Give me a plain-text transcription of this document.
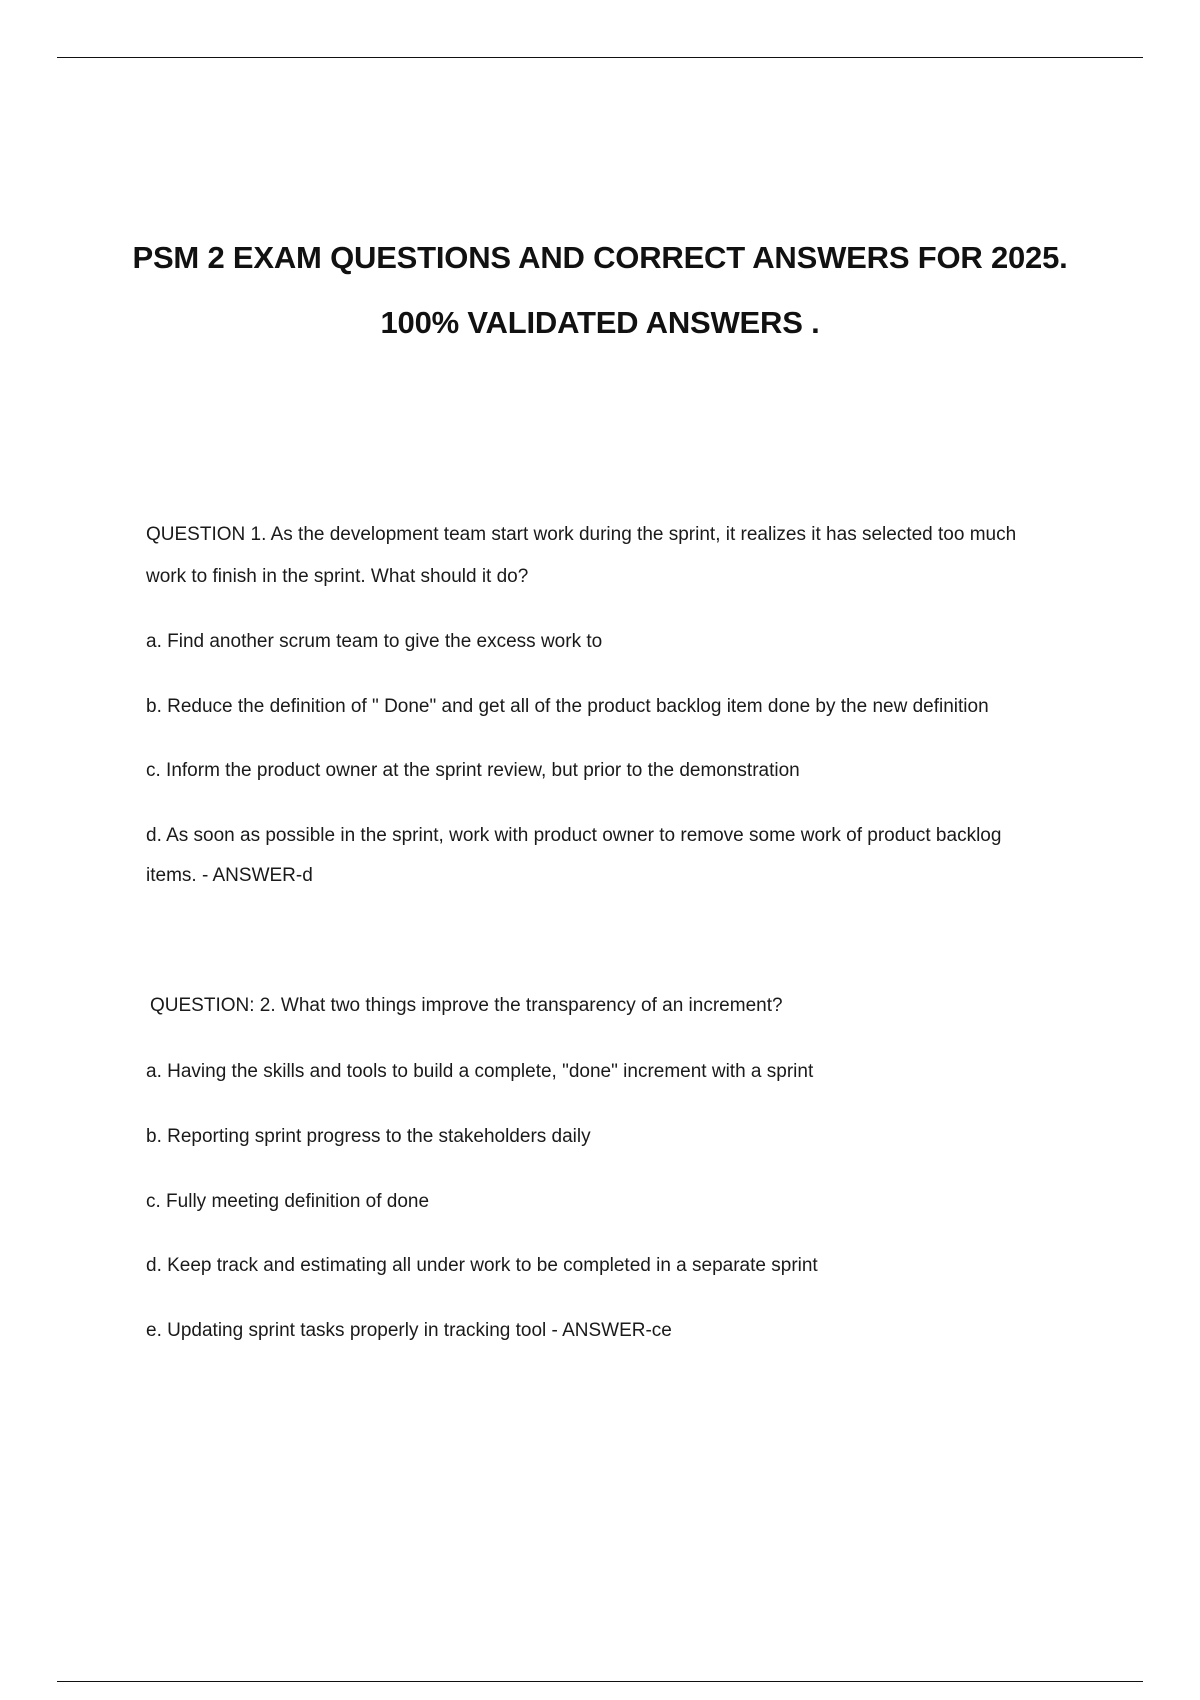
PSM 2 EXAM QUESTIONS AND CORRECT ANSWERS FOR 2025.
100% VALIDATED ANSWERS .

QUESTION 1. As the development team start work during the sprint, it realizes it has selected too much

work to finish in the sprint. What should it do?

a. Find another scrum team to give the excess work to

b. Reduce the definition of " Done" and get all of the product backlog item done by the new definition

c. Inform the product owner at the sprint review, but prior to the demonstration

d. As soon as possible in the sprint, work with product owner to remove some work of product backlog

items. - ANSWER-d

QUESTION: 2. What two things improve the transparency of an increment?

a. Having the skills and tools to build a complete, "done" increment with a sprint

b. Reporting sprint progress to the stakeholders daily

c. Fully meeting definition of done

d. Keep track and estimating all under work to be completed in a separate sprint

e. Updating sprint tasks properly in tracking tool - ANSWER-ce
